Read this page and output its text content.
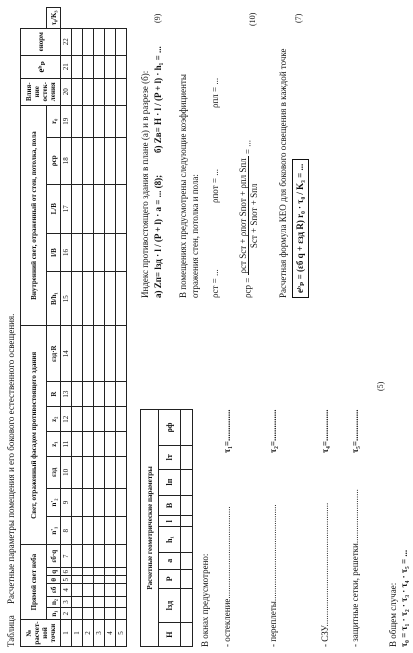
Таблица     Расчетные параметры помещения и его бокового естественного освещения.
№ расчет-ной точки	Прямой свет неба						Свет, отраженный фасадом противостоящего здания							Внутренний свет, отраженный от стен, потолка, пола					Влия-ние остек-ления	eᵇₚ	eнорм	
	n₁	n₂	εб	θ	q	εб·q	n'₁	n'₂	εзд	z₁	z₂	R	εзд·R	B/h₁	l/B	L/B	ρср	r₀				τ₀/K₃
1	2	3	4	5	6	7	8	9	10	11	12	13	14	15	16	17	18	19	20	21	22	
1																						
2																						
3																						
4																						
5																						
Индекс противостоящего здания в плане (а) и в разрезе (б): а) Zп= lзд · l / (P + l) · a = ... (8);
б) Zв= H · l / (P + l) · h₁ = ...
(9)
В помещениях предусмотрены следующие коэффициенты отражения стен, потолка и пола: ρст = ...
ρпот = ...
ρпл = ...
ρср =
ρст Sст + ρпот Sпот + ρпл Sпл Sст + Sпот + Sпл
= ...
(10)
Расчетная формула КЕО для бокового освещения в каждой точке eᵇₚ = (εб q + εзд R) r₀ · τ₀ / K₃ = ...
(7)
Расчетные геометрические параметры									
H	lзд	P	a	h₁	l	B	lп	lт	ρф

В окнах предусмотрено: - остекление.........................................
τ₁=..............
- переплеты...........................................
τ₂=..............
- СЗУ.......................................................
τ₄=..............
- защитные сетки, решетки........................
τ₅=..............
В общем случае: τ₀ = τ₁ · τ₂ · τ₃ · τ₄ · τ₅ = ...
(5)
